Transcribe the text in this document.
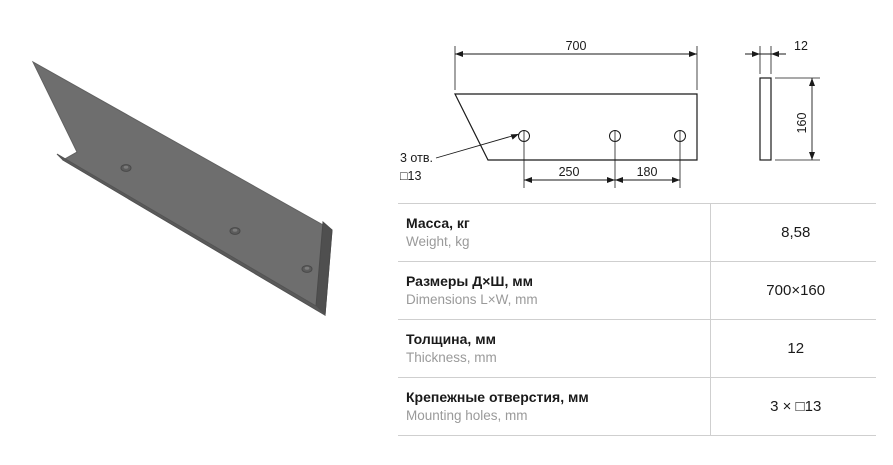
700
250	180
12
160
3 отв.
□13
Масса, кг
Weight, kg	8,58

Размеры Д×Ш, мм
Dimensions L×W, mm	700×160

Толщина, мм
Thickness, mm	12

Крепежные отверстия, мм
Mounting holes, mm	3 × □13
